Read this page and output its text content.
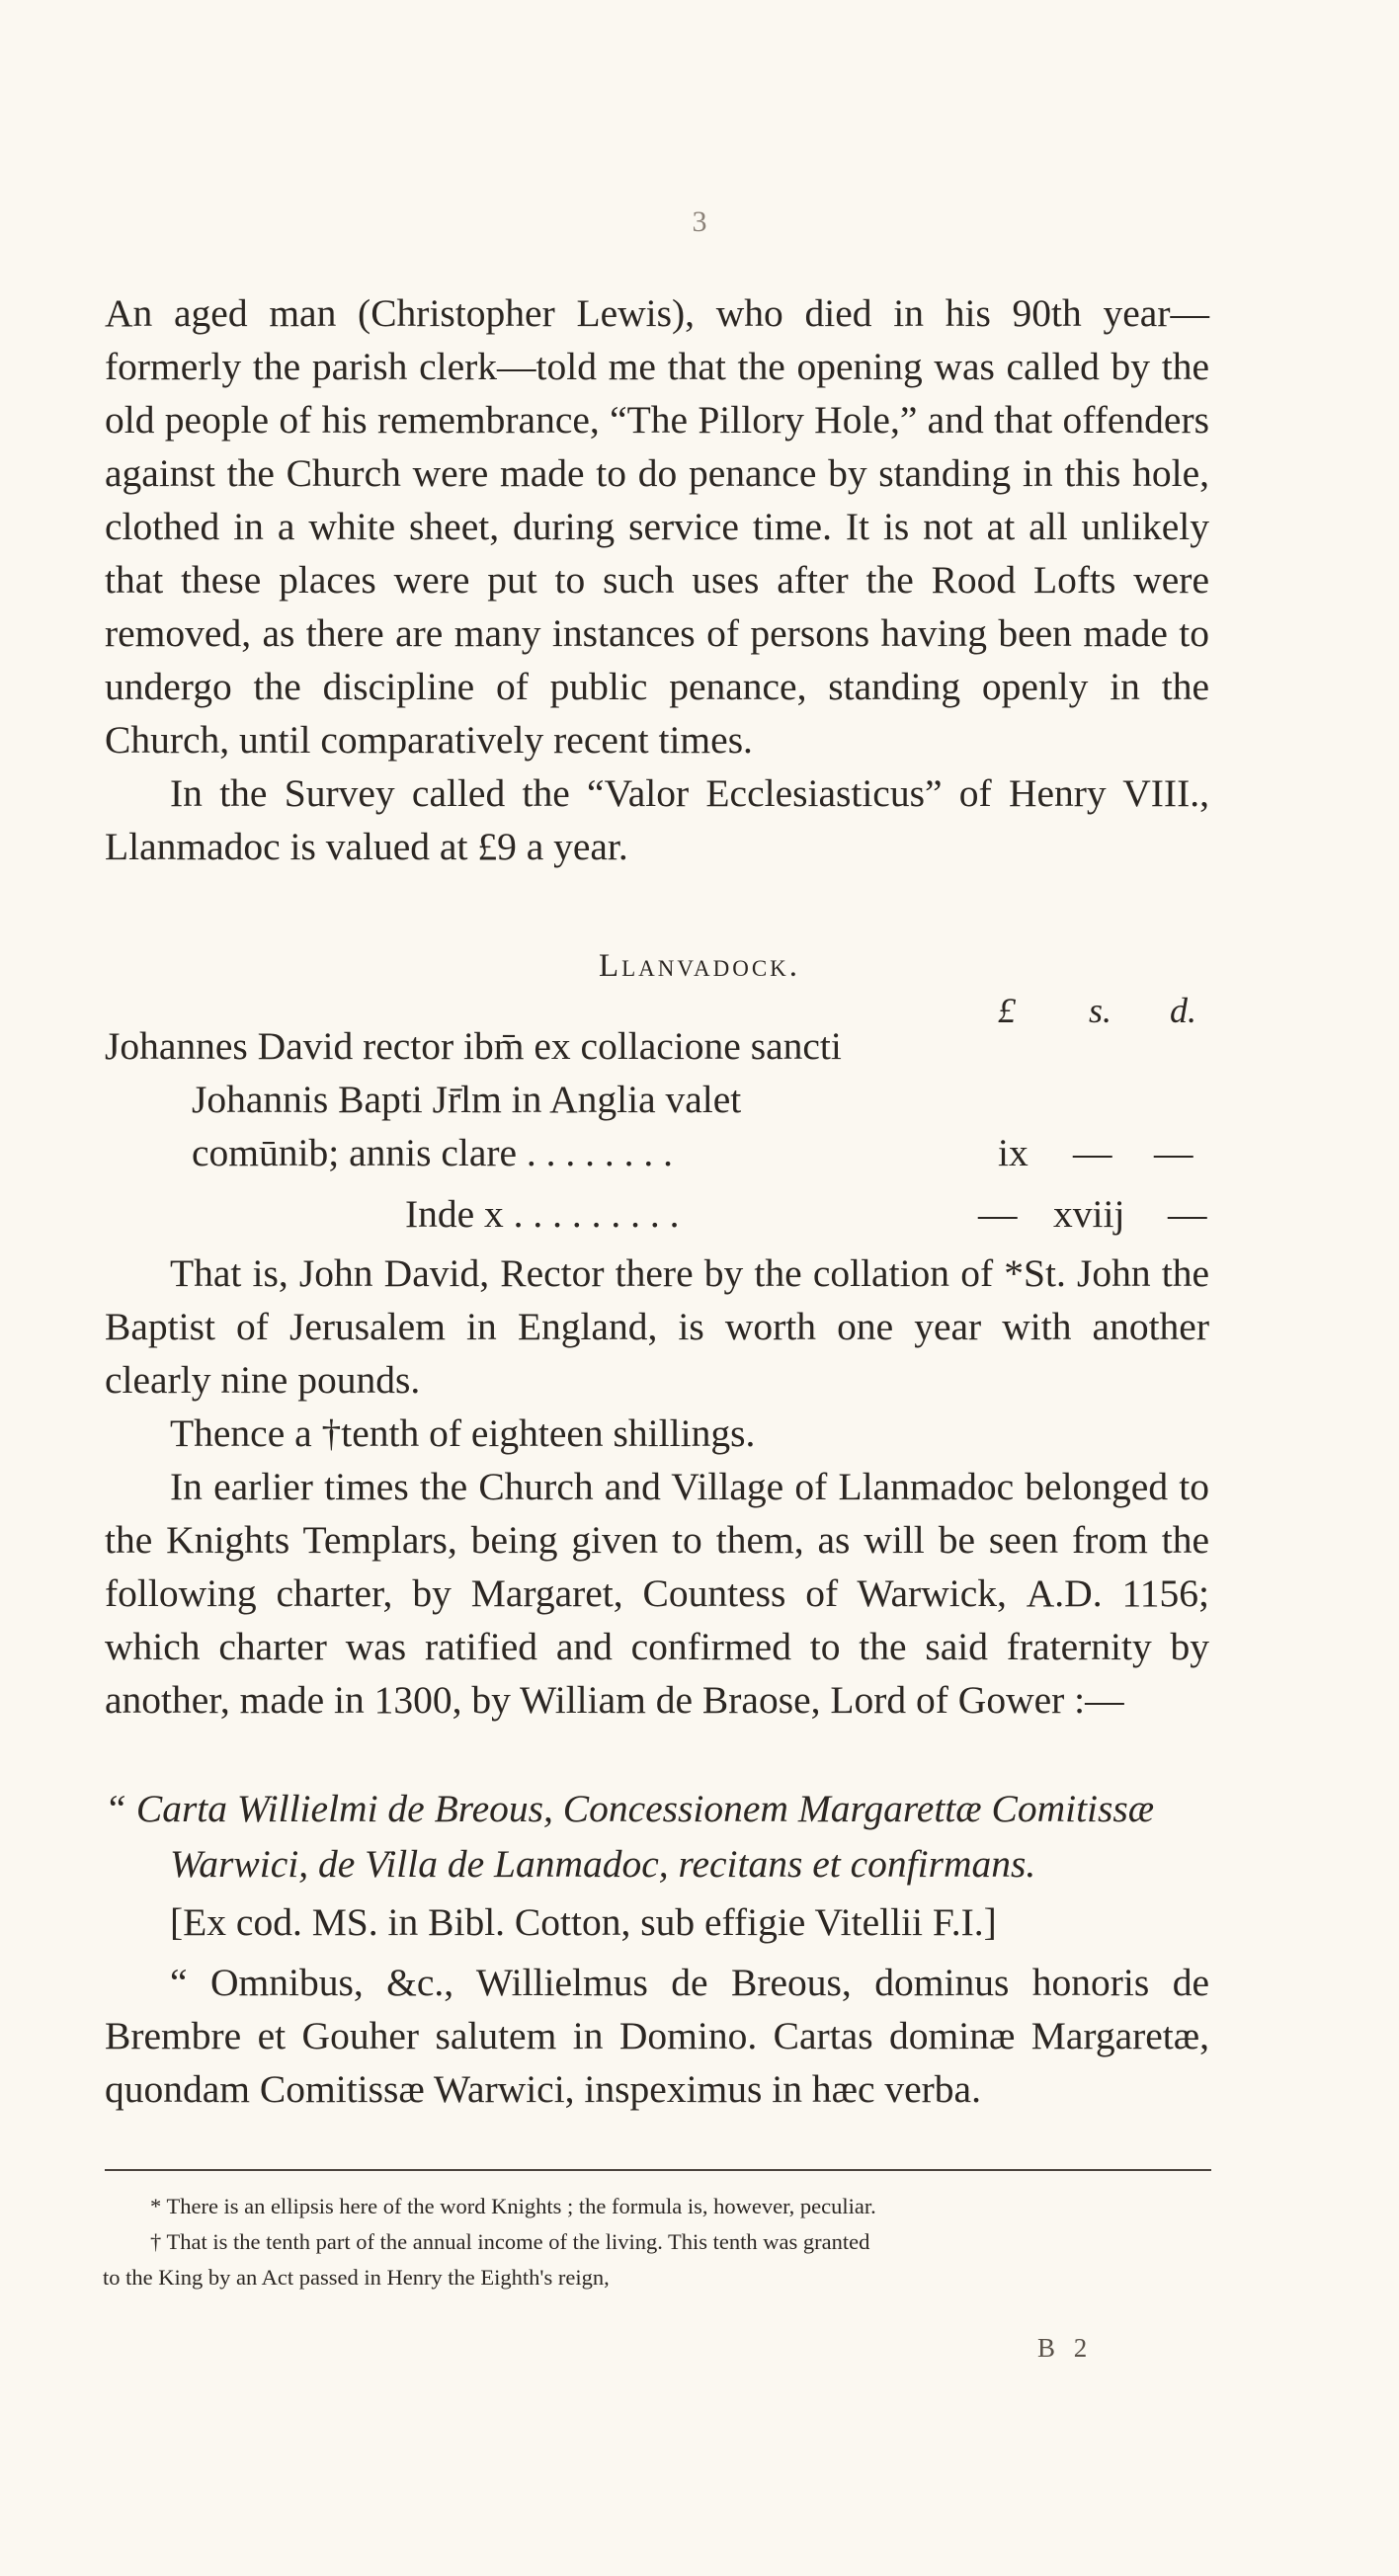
3

An aged man (Christopher Lewis), who died in his 90th year—formerly the parish clerk—told me that the opening was called by the old people of his remembrance, “The Pillory Hole,” and that offenders against the Church were made to do penance by standing in this hole, clothed in a white sheet, during service time. It is not at all unlikely that these places were put to such uses after the Rood Lofts were removed, as there are many instances of persons having been made to undergo the discipline of public penance, standing openly in the Church, until comparatively recent times.

In the Survey called the “Valor Ecclesiasticus” of Henry VIII., Llanmadoc is valued at £9 a year.

Llanvadock.
£ s. d.
Johannes David rector ibm̄ ex collacione sancti
Johannis Bapti Jr̄lm in Anglia valet
comūnib; annis clare . . . . . . . .	ix — —
Inde x . . . . . . . . .	— xviij —

That is, John David, Rector there by the collation of *St. John the Baptist of Jerusalem in England, is worth one year with another clearly nine pounds.

Thence a †tenth of eighteen shillings.

In earlier times the Church and Village of Llanmadoc belonged to the Knights Templars, being given to them, as will be seen from the following charter, by Margaret, Countess of Warwick, A.D. 1156; which charter was ratified and confirmed to the said fraternity by another, made in 1300, by William de Braose, Lord of Gower :—

“ Carta Willielmi de Breous, Concessionem Margarettæ Comitissæ

Warwici, de Villa de Lanmadoc, recitans et confirmans.

[Ex cod. MS. in Bibl. Cotton, sub effigie Vitellii F.I.]

“ Omnibus, &c., Willielmus de Breous, dominus honoris de Brembre et Gouher salutem in Domino. Cartas dominæ Margaretæ, quondam Comitissæ Warwici, inspeximus in hæc verba.

* There is an ellipsis here of the word Knights ; the formula is, however, peculiar.

† That is the tenth part of the annual income of the living. This tenth was granted

to the King by an Act passed in Henry the Eighth's reign,

B 2
